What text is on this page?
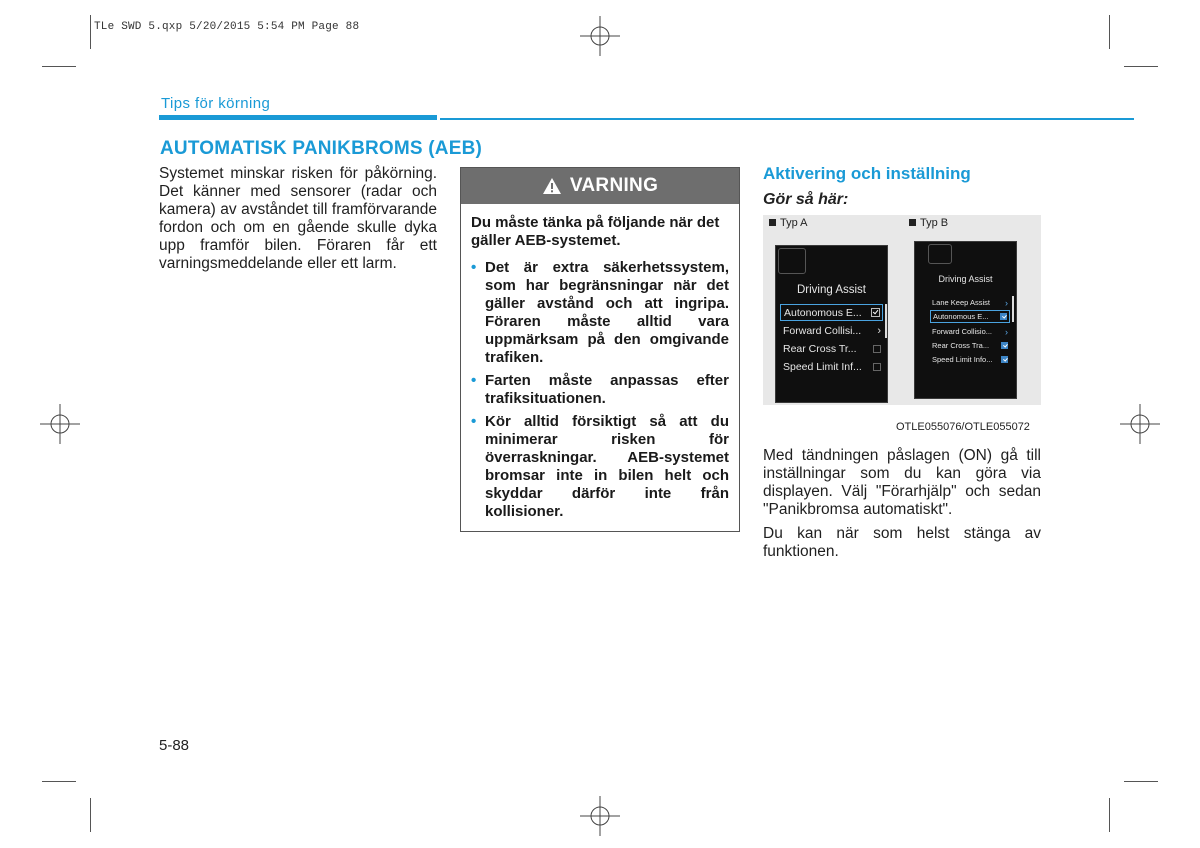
TLe SWD 5.qxp 5/20/2015 5:54 PM Page 88
Tips för körning
AUTOMATISK PANIKBROMS (AEB)
Systemet minskar risken för påkörning. Det känner med sensorer (radar och kamera) av avståndet till framförvarande fordon och om en gående skulle dyka upp framför bilen. Föraren får ett varningsmeddelande eller ett larm.
VARNING
Du måste tänka på följande när det gäller AEB-systemet.
• Det är extra säkerhetssystem, som har begränsningar när det gäller avstånd och att ingripa. Föraren måste alltid vara uppmärksam på den omgivande trafiken.
• Farten måste anpassas efter trafiksituationen.
• Kör alltid försiktigt så att du minimerar risken för överraskningar. AEB-systemet bromsar inte in bilen helt och skyddar därför inte från kollisioner.
Aktivering och inställning
Gör så här:
Typ A	Typ B
Driving Assist
Autonomous E...
Forward Collisi... ›
Rear Cross Tr...
Speed Limit Inf...
Driving Assist
Lane Keep Assist ›
Autonomous E...
Forward Collisio... ›
Rear Cross Tra...
Speed Limit Info...
OTLE055076/OTLE055072

Med tändningen påslagen (ON) gå till inställningar som du kan göra via displayen. Välj "Förarhjälp" och sedan "Panikbromsa automatiskt".

Du kan när som helst stänga av funktionen.

5-88
